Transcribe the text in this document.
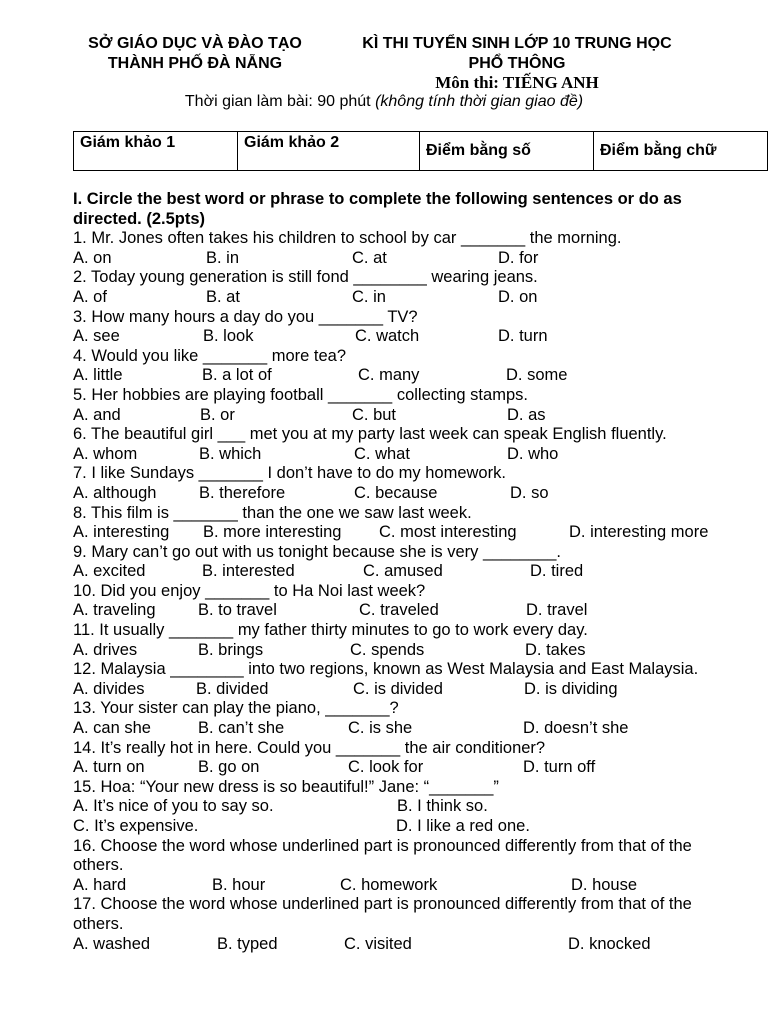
SỞ GIÁO DỤC VÀ ĐÀO TẠO
THÀNH PHỐ ĐÀ NẴNG
KÌ THI TUYỂN SINH LỚP 10 TRUNG HỌC
PHỔ THÔNG
Môn thi: TIẾNG ANH
Thời gian làm bài: 90 phút (không tính thời gian giao đề)
Giám khảo 1	Giám khảo 2	Điểm bằng số	Điểm bằng chữ
I. Circle the best word or phrase to complete the following sentences or do as directed. (2.5pts)
1. Mr. Jones often takes his children to school by car _______ the morning.
A. on	B. in	C. at	D. for
2. Today young generation is still fond ________ wearing jeans.
A. of	B. at	C. in	D. on
3. How many hours a day do you _______ TV?
A. see	B. look	C. watch	D. turn
4. Would you like _______ more tea?
A. little	B. a lot of	C. many	D. some
5. Her hobbies are playing football _______ collecting stamps.
A. and	B. or	C. but	D. as
6. The beautiful girl ___ met you at my party last week can speak English fluently.
A. whom	B. which	C. what	D. who
7. I like Sundays _______ I don’t have to do my homework.
A. although	B. therefore	C. because	D. so
8. This film is _______ than the one we saw last week.
A. interesting B. more interesting C. most interesting	D. interesting more
9. Mary can’t go out with us tonight because she is very ________.
A. excited	B. interested	C. amused	D. tired
10. Did you enjoy _______ to Ha Noi last week?
A. traveling	B. to travel	C. traveled	D. travel
11. It usually _______ my father thirty minutes to go to work every day.
A. drives	B. brings	C. spends	D. takes
12. Malaysia ________ into two regions, known as West Malaysia and East Malaysia.
A. divides	B. divided	C. is divided	D. is dividing
13. Your sister can play the piano, _______?
A. can she	B. can’t she	C. is she	D. doesn’t she
14. It’s really hot in here. Could you _______ the air conditioner?
A. turn on	B. go on	C. look for	D. turn off
15. Hoa: “Your new dress is so beautiful!” Jane: “_______”
A. It’s nice of you to say so.	B. I think so.
C. It’s expensive.	D. I like a red one.
16. Choose the word whose underlined part is pronounced differently from that of the others.
A. hard	B. hour	C. homework	D. house
17. Choose the word whose underlined part is pronounced differently from that of the others.
A. washed	B. typed	C. visited	D. knocked
